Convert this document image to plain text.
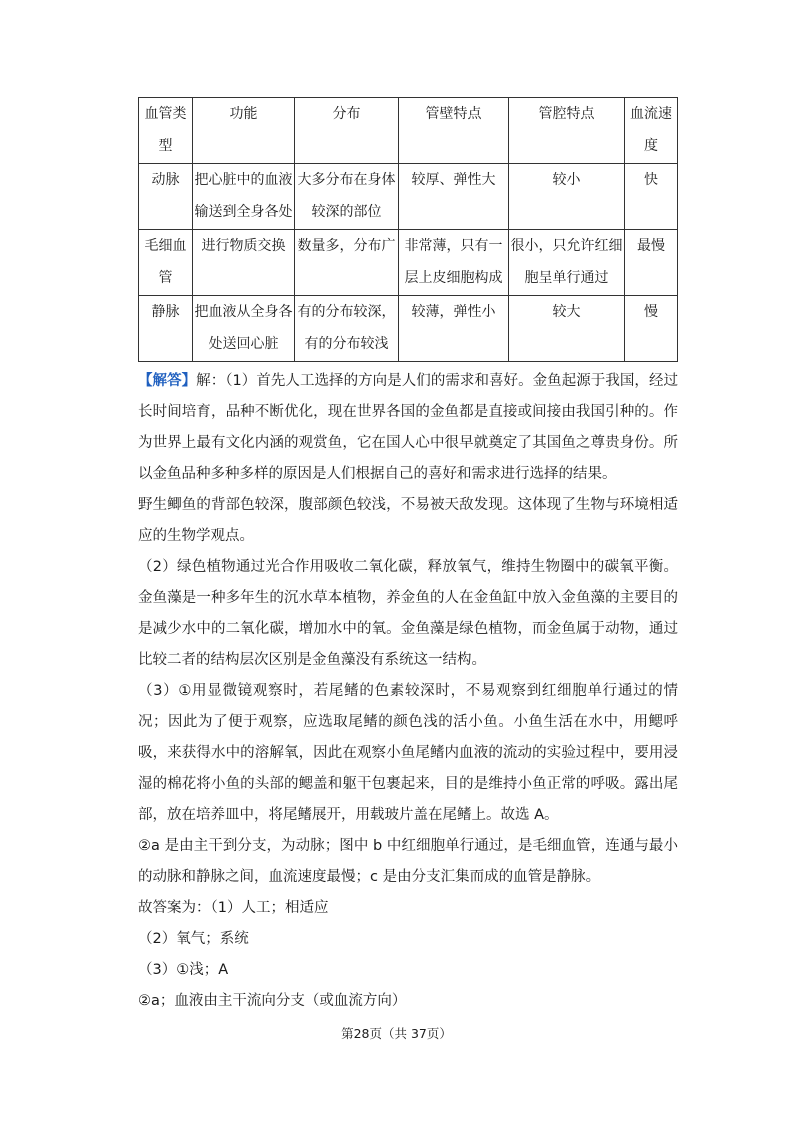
血管类型	功能	分布	管壁特点	管腔特点	血流速度
动脉	把心脏中的血液输送到全身各处	大多分布在身体较深的部位	较厚、弹性大	较小	快
毛细血管	进行物质交换	数量多，分布广	非常薄，只有一层上皮细胞构成	很小，只允许红细胞呈单行通过	最慢
静脉	把血液从全身各处送回心脏	有的分布较深，有的分布较浅	较薄，弹性小	较大	慢

【解答】解：（1）首先人工选择的方向是人们的需求和喜好。金鱼起源于我国，经过长时间培育，品种不断优化，现在世界各国的金鱼都是直接或间接由我国引种的。作为世界上最有文化内涵的观赏鱼，它在国人心中很早就奠定了其国鱼之尊贵身份。所以金鱼品种多种多样的原因是人们根据自己的喜好和需求进行选择的结果。

野生鲫鱼的背部色较深，腹部颜色较浅，不易被天敌发现。这体现了生物与环境相适应的生物学观点。

（2）绿色植物通过光合作用吸收二氧化碳，释放氧气，维持生物圈中的碳氧平衡。金鱼藻是一种多年生的沉水草本植物，养金鱼的人在金鱼缸中放入金鱼藻的主要目的是减少水中的二氧化碳，增加水中的氧。金鱼藻是绿色植物，而金鱼属于动物，通过比较二者的结构层次区别是金鱼藻没有系统这一结构。

（3）①用显微镜观察时，若尾鳍的色素较深时，不易观察到红细胞单行通过的情况；因此为了便于观察，应选取尾鳍的颜色浅的活小鱼。小鱼生活在水中，用鳃呼吸，来获得水中的溶解氧，因此在观察小鱼尾鳍内血液的流动的实验过程中，要用浸湿的棉花将小鱼的头部的鳃盖和躯干包裹起来，目的是维持小鱼正常的呼吸。露出尾部，放在培养皿中，将尾鳍展开，用载玻片盖在尾鳍上。故选 A。

②a 是由主干到分支，为动脉；图中 b 中红细胞单行通过，是毛细血管，连通与最小的动脉和静脉之间，血流速度最慢；c 是由分支汇集而成的血管是静脉。

故答案为：（1）人工；相适应

（2）氧气；系统

（3）①浅；A

②a；血液由主干流向分支（或血流方向）

第28页（共 37页）
